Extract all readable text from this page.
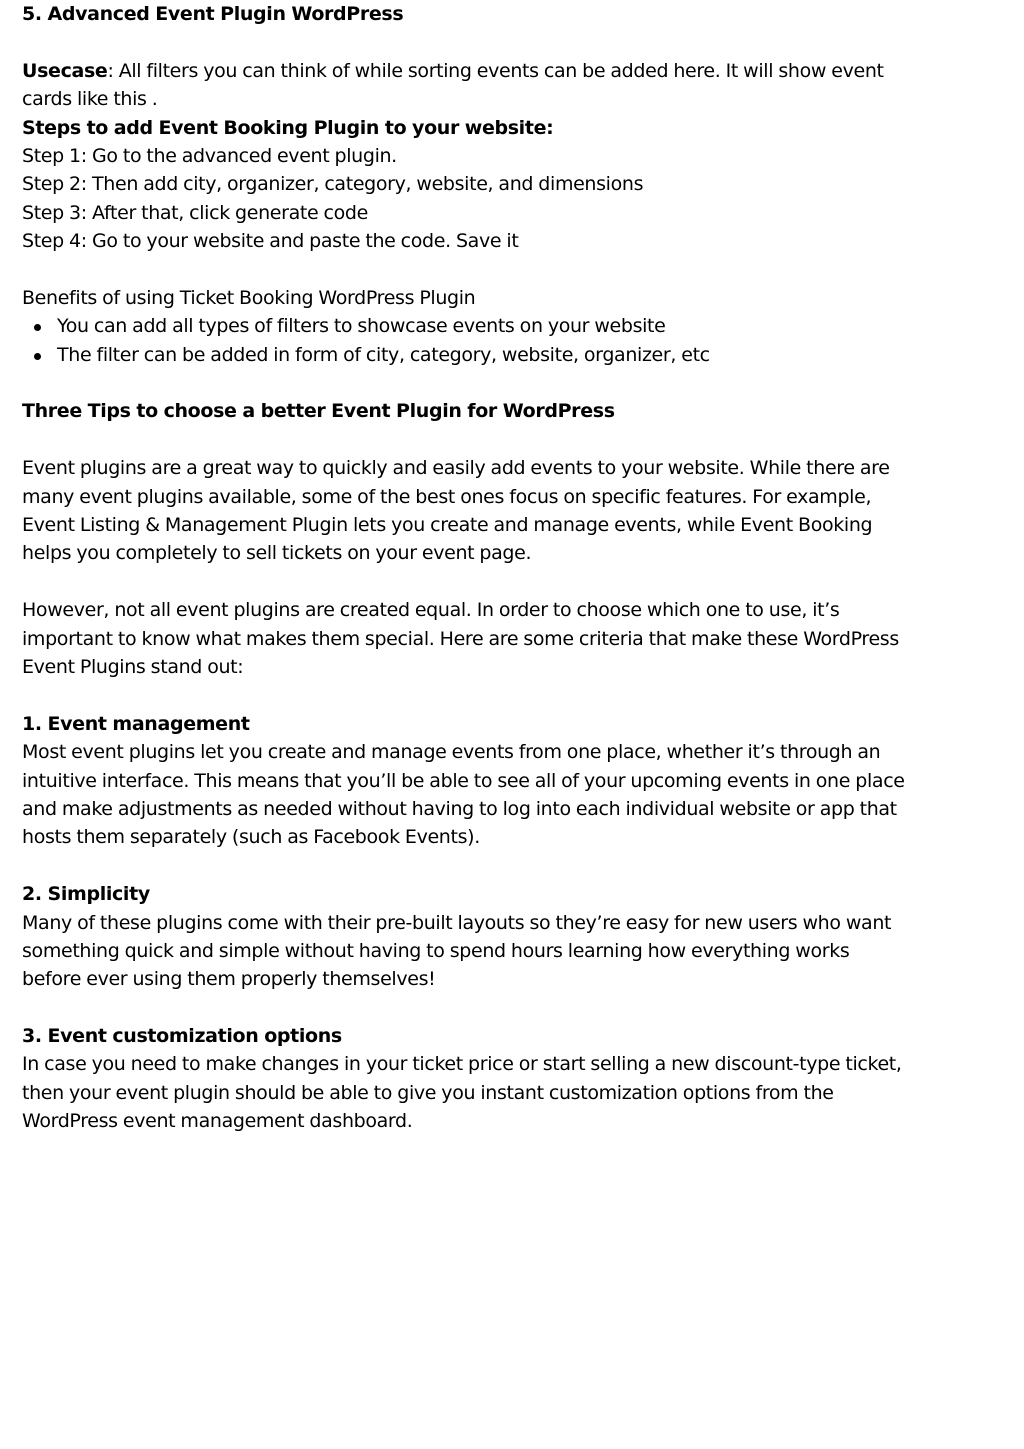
5. Advanced Event Plugin WordPress
Usecase: All filters you can think of while sorting events can be added here. It will show event
cards like this .
Steps to add Event Booking Plugin to your website:
Step 1: Go to the advanced event plugin.
Step 2: Then add city, organizer, category, website, and dimensions
Step 3: After that, click generate code
Step 4: Go to your website and paste the code. Save it
Benefits of using Ticket Booking WordPress Plugin
You can add all types of filters to showcase events on your website
The filter can be added in form of city, category, website, organizer, etc
Three Tips to choose a better Event Plugin for WordPress
Event plugins are a great way to quickly and easily add events to your website. While there are
many event plugins available, some of the best ones focus on specific features. For example,
Event Listing & Management Plugin lets you create and manage events, while Event Booking
helps you completely to sell tickets on your event page.
However, not all event plugins are created equal. In order to choose which one to use, it’s
important to know what makes them special. Here are some criteria that make these WordPress
Event Plugins stand out:
1. Event management
Most event plugins let you create and manage events from one place, whether it’s through an
intuitive interface. This means that you’ll be able to see all of your upcoming events in one place
and make adjustments as needed without having to log into each individual website or app that
hosts them separately (such as Facebook Events).
2. Simplicity
Many of these plugins come with their pre-built layouts so they’re easy for new users who want
something quick and simple without having to spend hours learning how everything works
before ever using them properly themselves!
3. Event customization options
In case you need to make changes in your ticket price or start selling a new discount-type ticket,
then your event plugin should be able to give you instant customization options from the
WordPress event management dashboard.
